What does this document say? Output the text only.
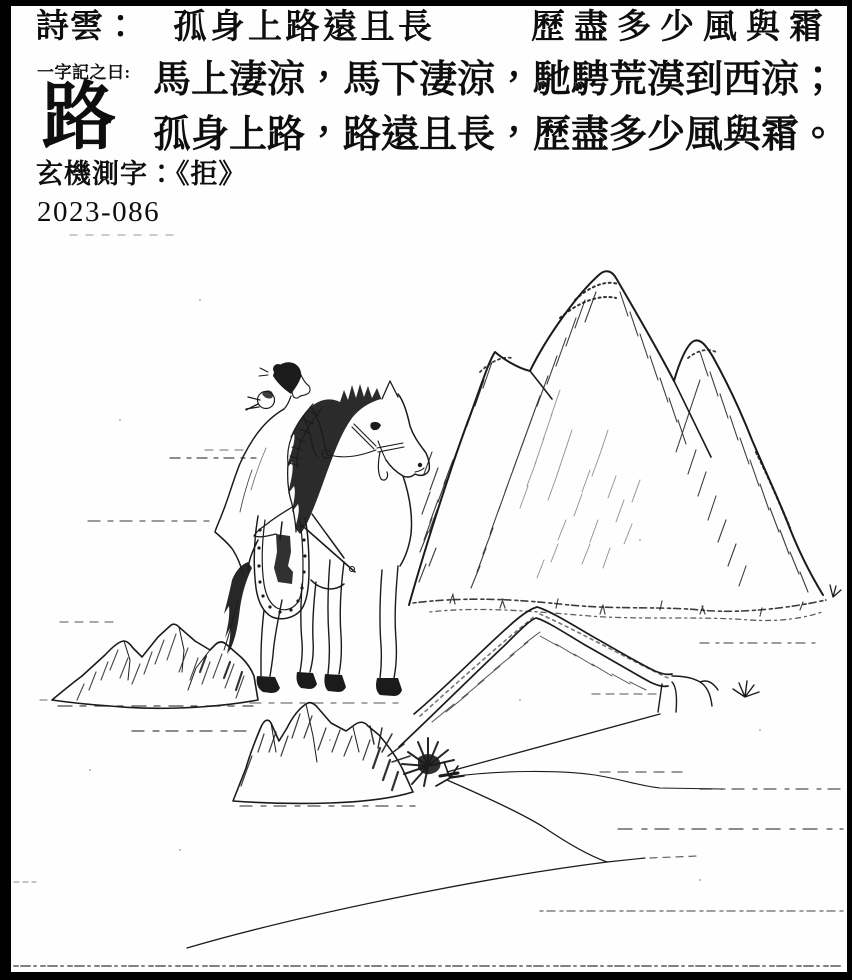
詩雲： 孤身上路遠且長	歷盡多少風與霜
一字記之曰:
路 馬上淒涼，馬下淒涼，馳騁荒漠到西涼；
孤身上路，路遠且長，歷盡多少風與霜。
玄機測字：《拒》
2023-086
